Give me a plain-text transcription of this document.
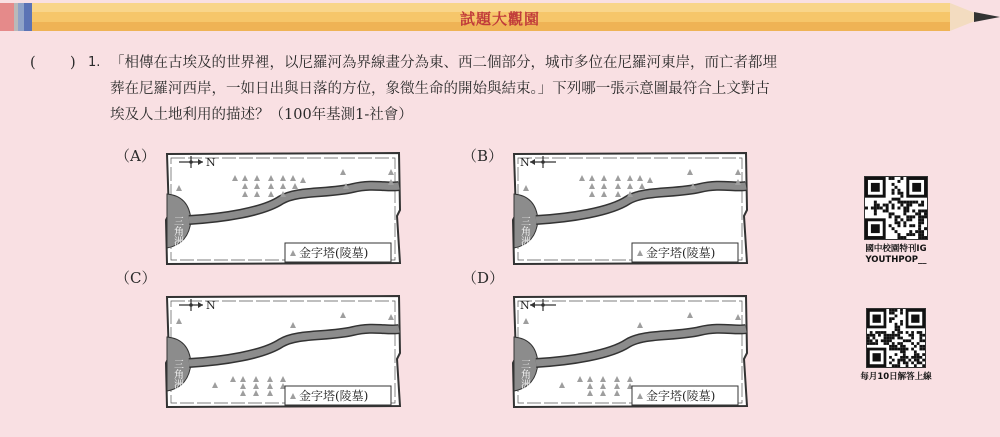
試題大觀園
( ) 1. 「相傳在古埃及的世界裡，以尼羅河為界線畫分為東、西二個部分，城市多位在尼羅河東岸，而亡者都埋
葬在尼羅河西岸，一如日出與日落的方位，象徵生命的開始與結束。」下列哪一張示意圖最符合上文對古
埃及人土地利用的描述？（100年基測1-社會）
（A）	（B）
（C）	（D）
三角洲
N
金字塔(陵墓)
三角洲
N
金字塔(陵墓)
三角洲
N
金字塔(陵墓)
三角洲
N
金字塔(陵墓)
國中校園特刊IG
YOUTHPOP__
每月10日解答上線
